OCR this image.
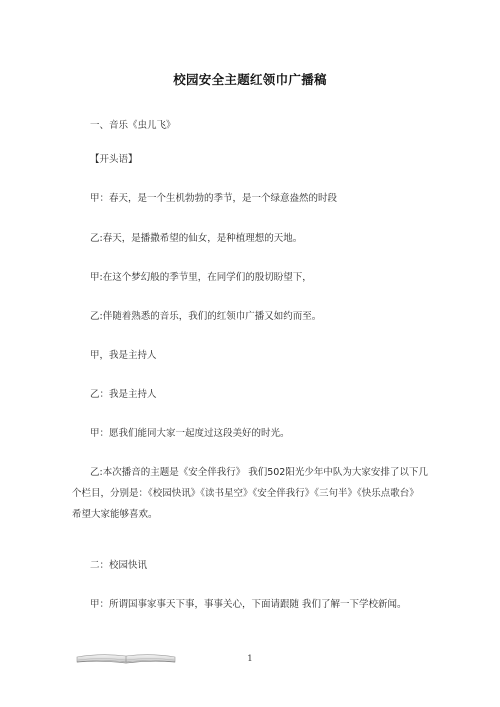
校园安全主题红领巾广播稿
一、音乐《虫儿飞》
【开头语】
甲：春天，是一个生机勃勃的季节，是一个绿意盎然的时段
乙:春天，是播撒希望的仙女，是种植理想的天地。
甲:在这个梦幻般的季节里，在同学们的殷切盼望下，
乙:伴随着熟悉的音乐，我们的红领巾广播又如约而至。
甲，我是主持人
乙：我是主持人
甲：愿我们能同大家一起度过这段美好的时光。
乙:本次播音的主题是《安全伴我行》 我们502阳光少年中队为大家安排了以下几个栏目，分别是：《校园快讯》《读书星空》《安全伴我行》《三句半》《快乐点歌台》 希望大家能够喜欢。
二：校园快讯
甲：所谓国事家事天下事，事事关心，下面请跟随 我们了解一下学校新闻。
1
